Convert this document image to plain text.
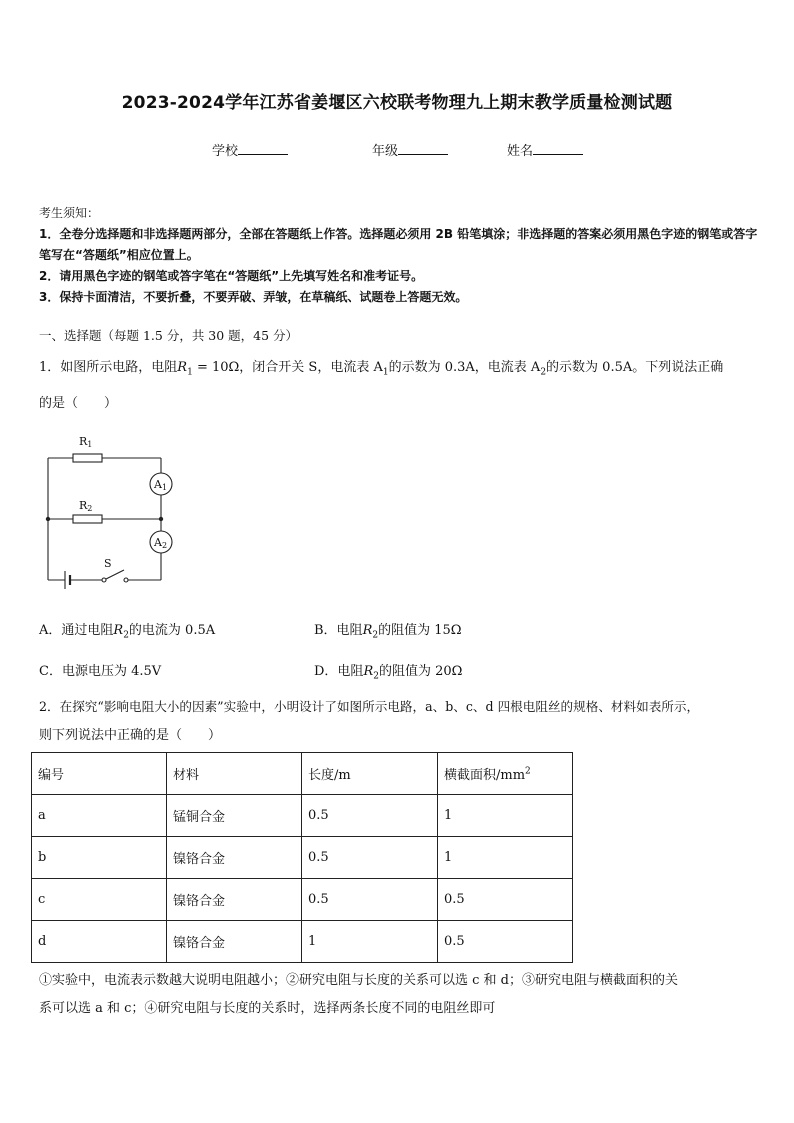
2023-2024学年江苏省姜堰区六校联考物理九上期末教学质量检测试题
学校	年级	姓名
考生须知：
1．全卷分选择题和非选择题两部分，全部在答题纸上作答。选择题必须用 2B 铅笔填涂；非选择题的答案必须用黑色字迹的钢笔或答字笔写在“答题纸”相应位置上。
2．请用黑色字迹的钢笔或答字笔在“答题纸”上先填写姓名和准考证号。
3．保持卡面清洁，不要折叠，不要弄破、弄皱，在草稿纸、试题卷上答题无效。
一、选择题（每题 1.5 分，共 30 题，45 分）
1．如图所示电路，电阻$R_1 = 10\Omega$，闭合开关 S，电流表 $A_1$的示数为 0.3A，电流表 $A_2$的示数为 0.5A。下列说法正确
的是（　　）
R1
R2
A1
A2
S
A．通过电阻$R_2$的电流为 0.5A	B．电阻$R_2$的阻值为 15Ω
C．电源电压为 4.5V	D．电阻$R_2$的阻值为 20Ω
2．在探究“影响电阻大小的因素”实验中，小明设计了如图所示电路，a、b、c、d 四根电阻丝的规格、材料如表所示，
则下列说法中正确的是（　　）
编号	材料	长度/m	横截面积$/mm^2$
a	锰铜合金	0.5	1
b	镍铬合金	0.5	1
c	镍铬合金	0.5	0.5
d	镍铬合金	1	0.5
①实验中，电流表示数越大说明电阻越小；②研究电阻与长度的关系可以选 c 和 d；③研究电阻与横截面积的关
系可以选 a 和 c；④研究电阻与长度的关系时，选择两条长度不同的电阻丝即可
